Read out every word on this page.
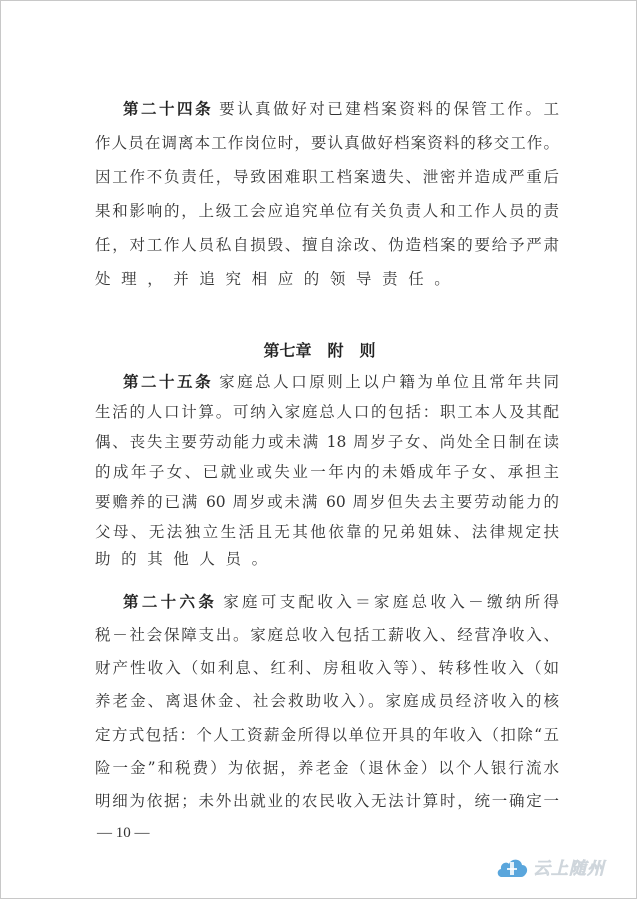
第二十四条 要认真做好对已建档案资料的保管工作。工
作人员在调离本工作岗位时，要认真做好档案资料的移交工作。
因工作不负责任，导致困难职工档案遗失、泄密并造成严重后
果和影响的，上级工会应追究单位有关负责人和工作人员的责
任，对工作人员私自损毁、擅自涂改、伪造档案的要给予严肃
处理，并追究相应的领导责任。
第七章　附　则
第二十五条 家庭总人口原则上以户籍为单位且常年共同
生活的人口计算。可纳入家庭总人口的包括：职工本人及其配
偶、丧失主要劳动能力或未满 18 周岁子女、尚处全日制在读
的成年子女、已就业或失业一年内的未婚成年子女、承担主
要赡养的已满 60 周岁或未满 60 周岁但失去主要劳动能力的
父母、无法独立生活且无其他依靠的兄弟姐妹、法律规定扶
助的其他人员。
第二十六条 家庭可支配收入＝家庭总收入－缴纳所得
税－社会保障支出。家庭总收入包括工薪收入、经营净收入、
财产性收入（如利息、红利、房租收入等）、转移性收入（如
养老金、离退休金、社会救助收入）。家庭成员经济收入的核
定方式包括：个人工资薪金所得以单位开具的年收入（扣除“五
险一金”和税费）为依据，养老金（退休金）以个人银行流水
明细为依据；未外出就业的农民收入无法计算时，统一确定一
— 10 —
云上随州
